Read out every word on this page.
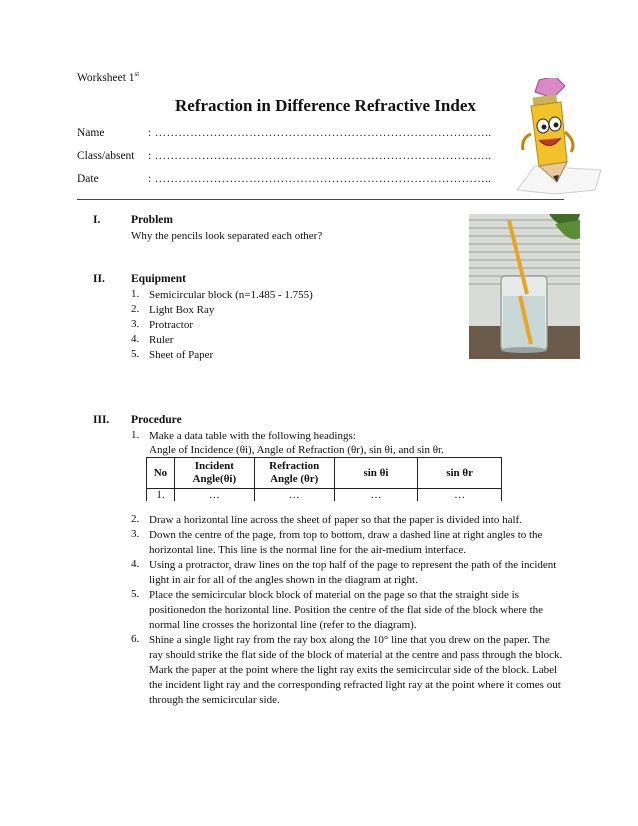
Worksheet 1st
Refraction in Difference Refractive Index
Name	: …………………………………………………………………………..
Class/absent : …………………………………………………………………………..
Date	: …………………………………………………………………………..
I.	Problem
Why the pencils look separated each other?
II. Equipment
1. Semicircular block (n=1.485 - 1.755)
2. Light Box Ray
3. Protractor
4. Ruler
5. Sheet of Paper
III. Procedure
1. Make a data table with the following headings:
Angle of Incidence (θi), Angle of Refraction (θr), sin θi, and sin θr.
No	Incident Angle(θi)	Refraction Angle (θr)	sin θi	sin θr
1.	…	…	…	…
2. Draw a horizontal line across the sheet of paper so that the paper is divided into half.
3. Down the centre of the page, from top to bottom, draw a dashed line at right angles to the horizontal line. This line is the normal line for the air-medium interface.
4. Using a protractor, draw lines on the top half of the page to represent the path of the incident light in air for all of the angles shown in the diagram at right.
5. Place the semicircular block block of material on the page so that the straight side is positionedon the horizontal line. Position the centre of the flat side of the block where the normal line crosses the horizontal line (refer to the diagram).
6. Shine a single light ray from the ray box along the 10° line that you drew on the paper. The ray should strike the flat side of the block of material at the centre and pass through the block. Mark the paper at the point where the light ray exits the semicircular side of the block. Label the incident light ray and the corresponding refracted light ray at the point where it comes out through the semicircular side.
